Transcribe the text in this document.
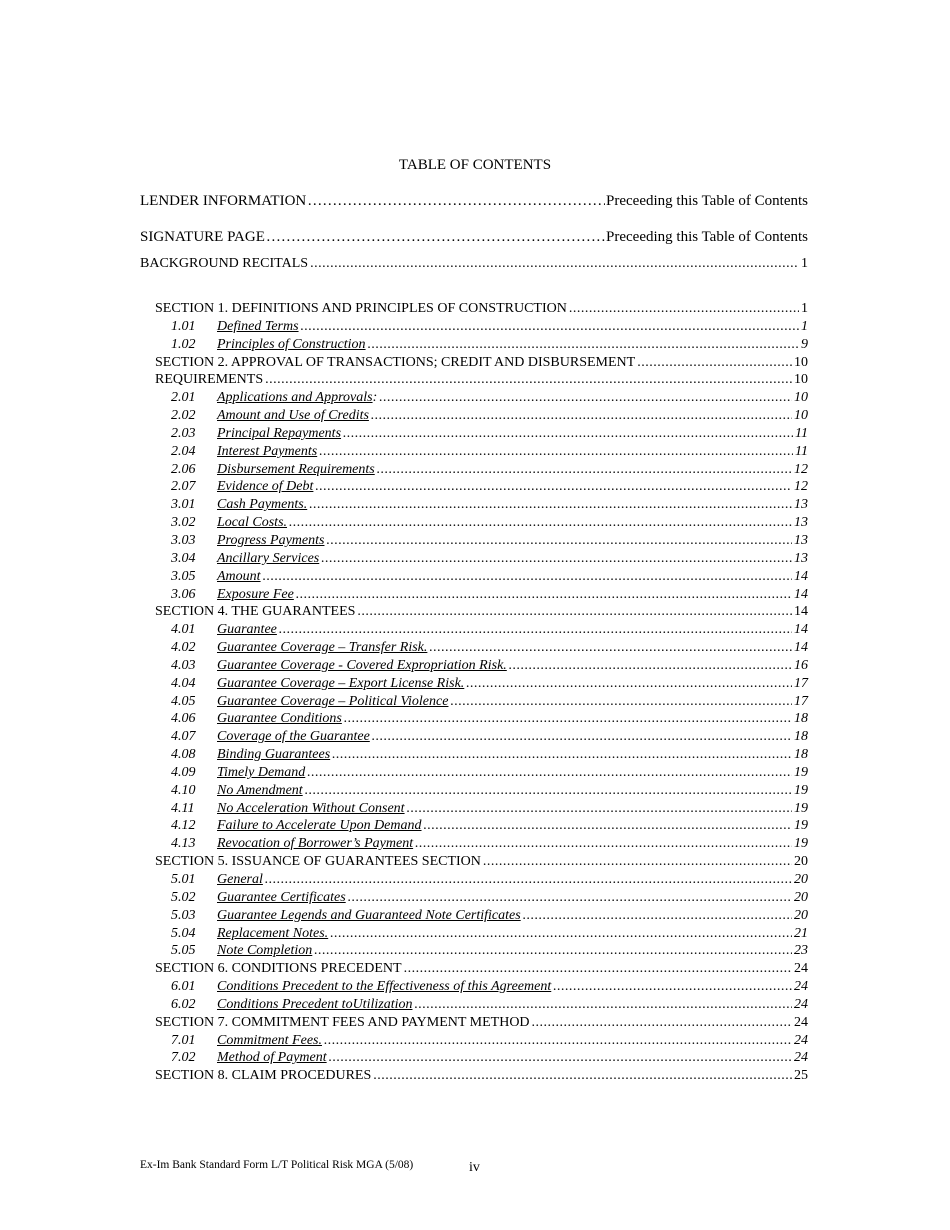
TABLE OF CONTENTS
LENDER INFORMATION ……………………………………………………………………………………………………………………………………………………………………	Preceeding this Table of Contents
SIGNATURE PAGE ……………………………………………………………………………………………………………………………………………………………………	Preceeding this Table of Contents
BACKGROUND RECITALS .....	1
SECTION 1. DEFINITIONS AND PRINCIPLES OF CONSTRUCTION .....	1
1.01	Defined Terms .....	1
1.02	Principles of Construction .....	9
SECTION 2. APPROVAL OF TRANSACTIONS; CREDIT AND DISBURSEMENT .....	10
REQUIREMENTS .....	10
2.01	Applications and Approvals : .....	10
2.02	Amount and Use of Credits .....	10
2.03	Principal Repayments .....	11
2.04	Interest Payments .....	11
2.06	Disbursement Requirements .....	12
2.07	Evidence of Debt .....	12
3.01	Cash Payments. .....	13
3.02	Local Costs. .....	13
3.03	Progress Payments .....	13
3.04	Ancillary Services .....	13
3.05	Amount .....	14
3.06	Exposure Fee .....	14
SECTION 4. THE GUARANTEES .....	14
4.01	Guarantee .....	14
4.02	Guarantee Coverage – Transfer Risk. .....	14
4.03	Guarantee Coverage - Covered Expropriation Risk. .....	16
4.04	Guarantee Coverage – Export License Risk. .....	17
4.05	Guarantee Coverage – Political Violence .....	17
4.06	Guarantee Conditions .....	18
4.07	Coverage of the Guarantee .....	18
4.08	Binding Guarantees .....	18
4.09	Timely Demand .....	19
4.10	No Amendment .....	19
4.11	No Acceleration Without Consent .....	19
4.12	Failure to Accelerate Upon Demand .....	19
4.13	Revocation of Borrower’s Payment .....	19
SECTION 5. ISSUANCE OF GUARANTEES SECTION .....	20
5.01	General .....	20
5.02	Guarantee Certificates .....	20
5.03	Guarantee Legends and Guaranteed Note Certificates .....	20
5.04	Replacement Notes. .....	21
5.05	Note Completion .....	23
SECTION 6. CONDITIONS PRECEDENT .....	24
6.01	Conditions Precedent to the Effectiveness of this Agreement .....	24
6.02	Conditions Precedent toUtilization .....	24
SECTION 7. COMMITMENT FEES AND PAYMENT METHOD .....	24
7.01	Commitment Fees. .....	24
7.02	Method of Payment .....	24
SECTION 8. CLAIM PROCEDURES .....	25
Ex-Im Bank Standard Form L/T Political Risk MGA (5/08)	iv
